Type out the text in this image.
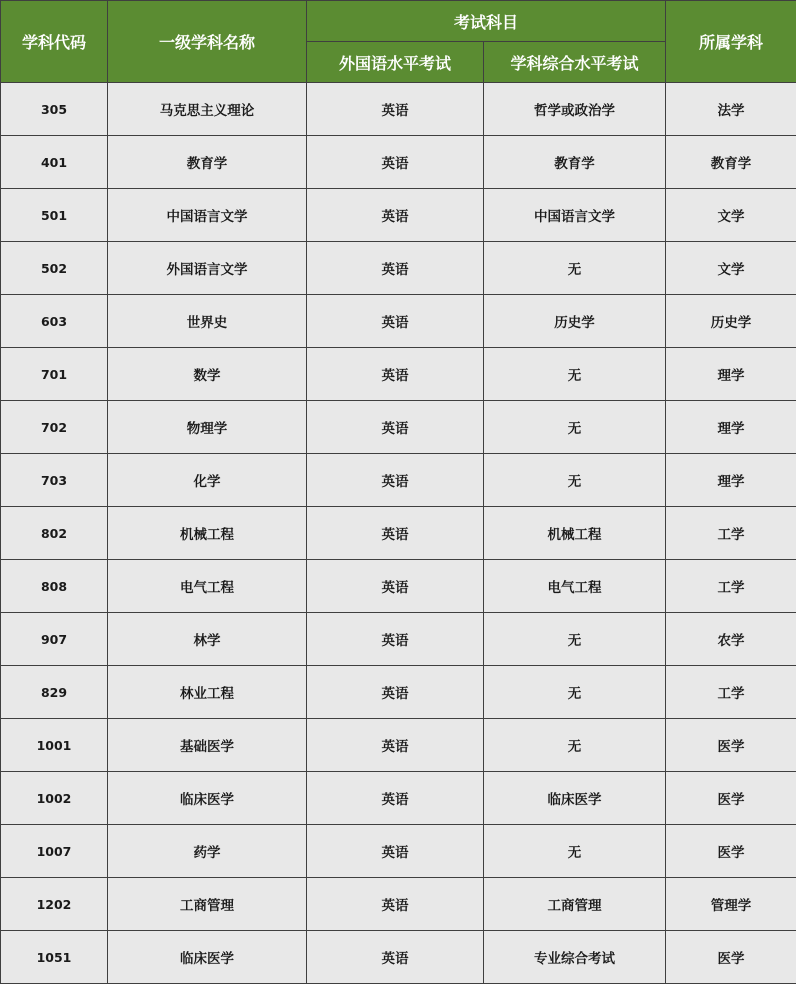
学科代码	一级学科名称	考试科目		所属学科
		外国语水平考试	学科综合水平考试	
305	马克思主义理论	英语	哲学或政治学	法学
401	教育学	英语	教育学	教育学
501	中国语言文学	英语	中国语言文学	文学
502	外国语言文学	英语	无	文学
603	世界史	英语	历史学	历史学
701	数学	英语	无	理学
702	物理学	英语	无	理学
703	化学	英语	无	理学
802	机械工程	英语	机械工程	工学
808	电气工程	英语	电气工程	工学
907	林学	英语	无	农学
829	林业工程	英语	无	工学
1001	基础医学	英语	无	医学
1002	临床医学	英语	临床医学	医学
1007	药学	英语	无	医学
1202	工商管理	英语	工商管理	管理学
1051	临床医学	英语	专业综合考试	医学
